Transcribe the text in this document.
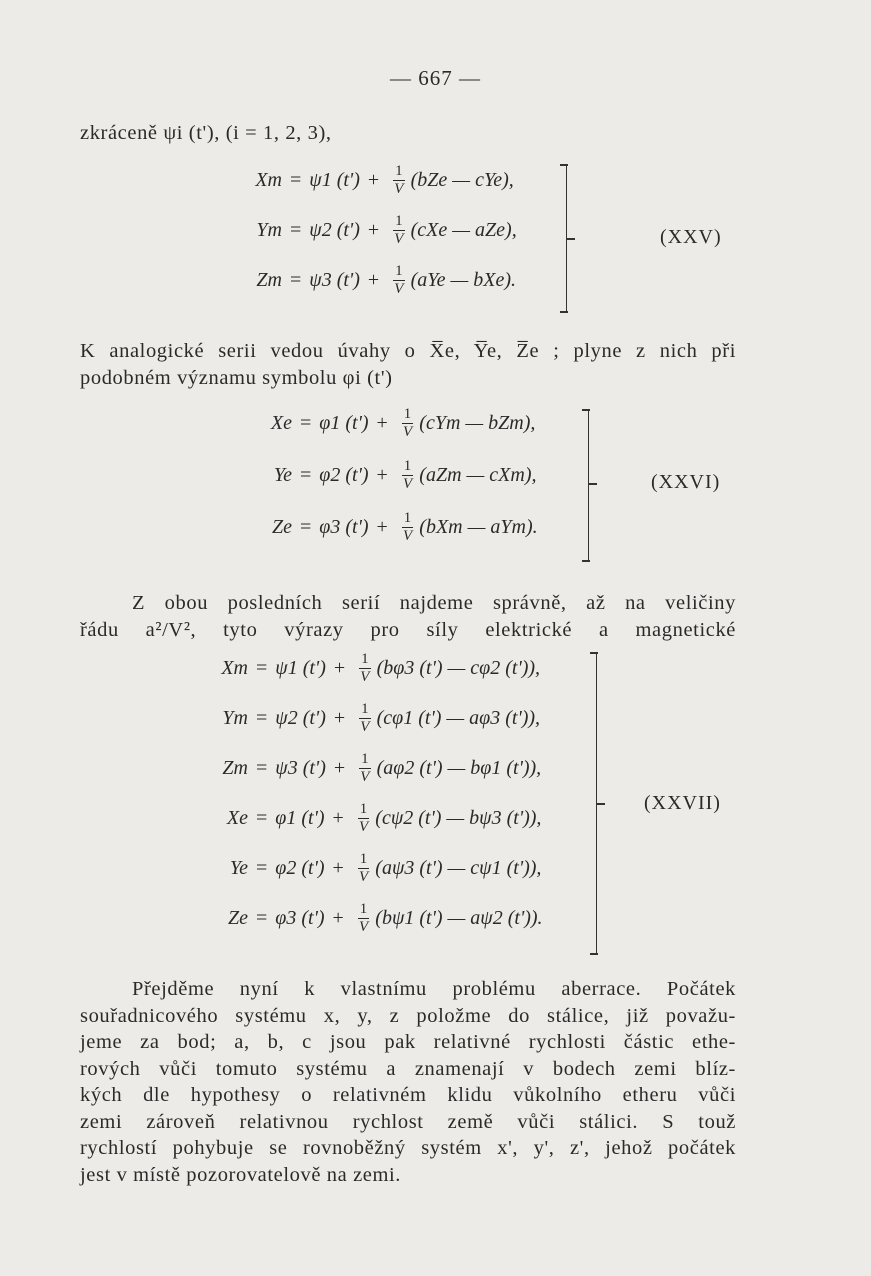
— 667 —
zkráceně ψi (t'), (i = 1, 2, 3),
Xm = ψ1 $(t') + \frac{1}{V} (bZe$ — cYe),
Ym = ψ2 $(t') + \frac{1}{V} (cXe$ — aZe),
Zm = ψ3 $(t') + \frac{1}{V} (aYe$ — bXe).
(XXV)
K analogické serii vedou úvahy o X̅e, Y̅e, Z̅e ; plyne z nich při
podobném významu symbolu φi (t')
Xe = φ1 $(t') + \frac{1}{V} (cYm$ — bZm),
Ye = φ2 $(t') + \frac{1}{V} (aZm$ — cXm),
Ze = φ3 $(t') + \frac{1}{V} (bXm$ — aYm).
(XXVI)
Z obou posledních serií najdeme správně, až na veličiny
řádu a²/V², tyto výrazy pro síly elektrické a magnetické
Xm = ψ1 $(t') + \frac{1}{V} (b\varphi 3$ (t') — cφ2 (t')),
Ym = ψ2 $(t') + \frac{1}{V} (c\varphi 1$ (t') — aφ3 (t')),
Zm = ψ3 $(t') + \frac{1}{V} (a\varphi 2$ (t') — bφ1 (t')),
Xe = φ1 $(t') + \frac{1}{V} (c\psi 2$ (t') — bψ3 (t')),
Ye = φ2 $(t') + \frac{1}{V} (a\psi 3$ (t') — cψ1 (t')),
Ze = φ3 $(t') + \frac{1}{V} (b\psi 1$ (t') — aψ2 (t')).
(XXVII)
Přejděme nyní k vlastnímu problému aberrace. Počátek
souřadnicového systému x, y, z položme do stálice, již považu-
jeme za bod; a, b, c jsou pak relativné rychlosti částic ethe-
rových vůči tomuto systému a znamenají v bodech zemi blíz-
kých dle hypothesy o relativném klidu vůkolního etheru vůči
zemi zároveň relativnou rychlost země vůči stálici. S touž
rychlostí pohybuje se rovnoběžný systém x', y', z', jehož počátek
jest v místě pozorovatelově na zemi.
